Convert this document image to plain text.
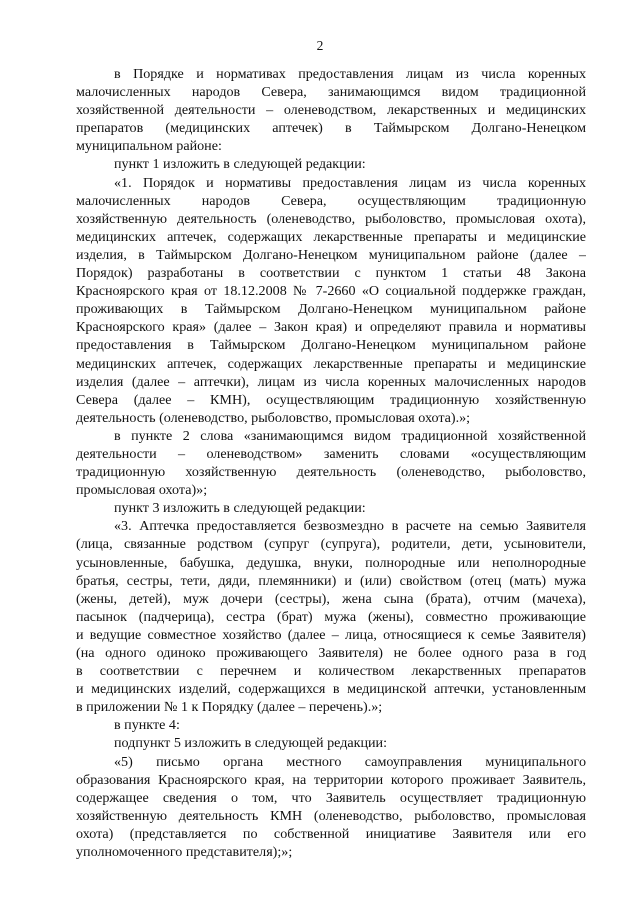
2
в Порядке и нормативах предоставления лицам из числа коренных
малочисленных народов Севера, занимающимся видом традиционной
хозяйственной деятельности – оленеводством, лекарственных и медицинских
препаратов (медицинских аптечек) в Таймырском Долгано-Ненецком
муниципальном районе:
пункт 1 изложить в следующей редакции:
«1. Порядок и нормативы предоставления лицам из числа коренных
малочисленных народов Севера, осуществляющим традиционную
хозяйственную деятельность (оленеводство, рыболовство, промысловая охота),
медицинских аптечек, содержащих лекарственные препараты и медицинские
изделия, в Таймырском Долгано-Ненецком муниципальном районе (далее –
Порядок) разработаны в соответствии с пунктом 1 статьи 48 Закона
Красноярского края от 18.12.2008 № 7-2660 «О социальной поддержке граждан,
проживающих в Таймырском Долгано-Ненецком муниципальном районе
Красноярского края» (далее – Закон края) и определяют правила и нормативы
предоставления в Таймырском Долгано-Ненецком муниципальном районе
медицинских аптечек, содержащих лекарственные препараты и медицинские
изделия (далее – аптечки), лицам из числа коренных малочисленных народов
Севера (далее – КМН), осуществляющим традиционную хозяйственную
деятельность (оленеводство, рыболовство, промысловая охота).»;
в пункте 2 слова «занимающимся видом традиционной хозяйственной
деятельности – оленеводством» заменить словами «осуществляющим
традиционную хозяйственную деятельность (оленеводство, рыболовство,
промысловая охота)»;
пункт 3 изложить в следующей редакции:
«3. Аптечка предоставляется безвозмездно в расчете на семью Заявителя
(лица, связанные родством (супруг (супруга), родители, дети, усыновители,
усыновленные, бабушка, дедушка, внуки, полнородные или неполнородные
братья, сестры, тети, дяди, племянники) и (или) свойством (отец (мать) мужа
(жены, детей), муж дочери (сестры), жена сына (брата), отчим (мачеха),
пасынок (падчерица), сестра (брат) мужа (жены), совместно проживающие
и ведущие совместное хозяйство (далее – лица, относящиеся к семье Заявителя)
(на одного одиноко проживающего Заявителя) не более одного раза в год
в соответствии с перечнем и количеством лекарственных препаратов
и медицинских изделий, содержащихся в медицинской аптечки, установленным
в приложении № 1 к Порядку (далее – перечень).»;
в пункте 4:
подпункт 5 изложить в следующей редакции:
«5) письмо органа местного самоуправления муниципального
образования Красноярского края, на территории которого проживает Заявитель,
содержащее сведения о том, что Заявитель осуществляет традиционную
хозяйственную деятельность КМН (оленеводство, рыболовство, промысловая
охота) (представляется по собственной инициативе Заявителя или его
уполномоченного представителя);»;
